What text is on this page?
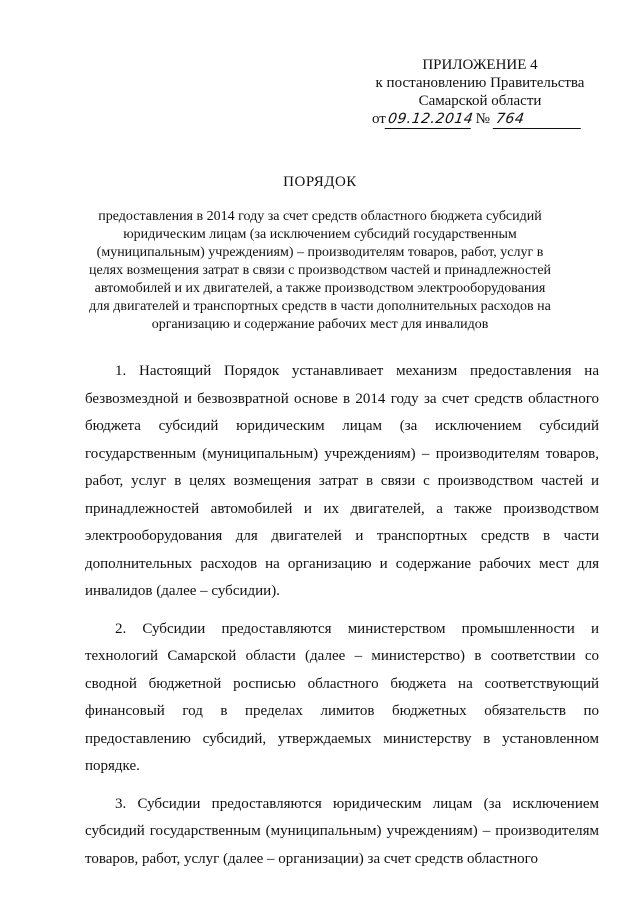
ПРИЛОЖЕНИЕ 4
к постановлению Правительства
Самарской области
от09.12.2014 № 764
ПОРЯДОК
предоставления в 2014 году за счет средств областного бюджета субсидий юридическим лицам (за исключением субсидий государственным (муниципальным) учреждениям) – производителям товаров, работ, услуг в целях возмещения затрат в связи с производством частей и принадлежностей автомобилей и их двигателей, а также производством электрооборудования для двигателей и транспортных средств в части дополнительных расходов на организацию и содержание рабочих мест для инвалидов

1. Настоящий Порядок устанавливает механизм предоставления на безвозмездной и безвозвратной основе в 2014 году за счет средств областного бюджета субсидий юридическим лицам (за исключением субсидий государственным (муниципальным) учреждениям) – производителям товаров, работ, услуг в целях возмещения затрат в связи с производством частей и принадлежностей автомобилей и их двигателей, а также производством электрооборудования для двигателей и транспортных средств в части дополнительных расходов на организацию и содержание рабочих мест для инвалидов (далее – субсидии).

2. Субсидии предоставляются министерством промышленности и технологий Самарской области (далее – министерство) в соответствии со сводной бюджетной росписью областного бюджета на соответствующий финансовый год в пределах лимитов бюджетных обязательств по предоставлению субсидий, утверждаемых министерству в установленном порядке.

3. Субсидии предоставляются юридическим лицам (за исключением субсидий государственным (муниципальным) учреждениям) – производителям товаров, работ, услуг (далее – организации) за счет средств областного
